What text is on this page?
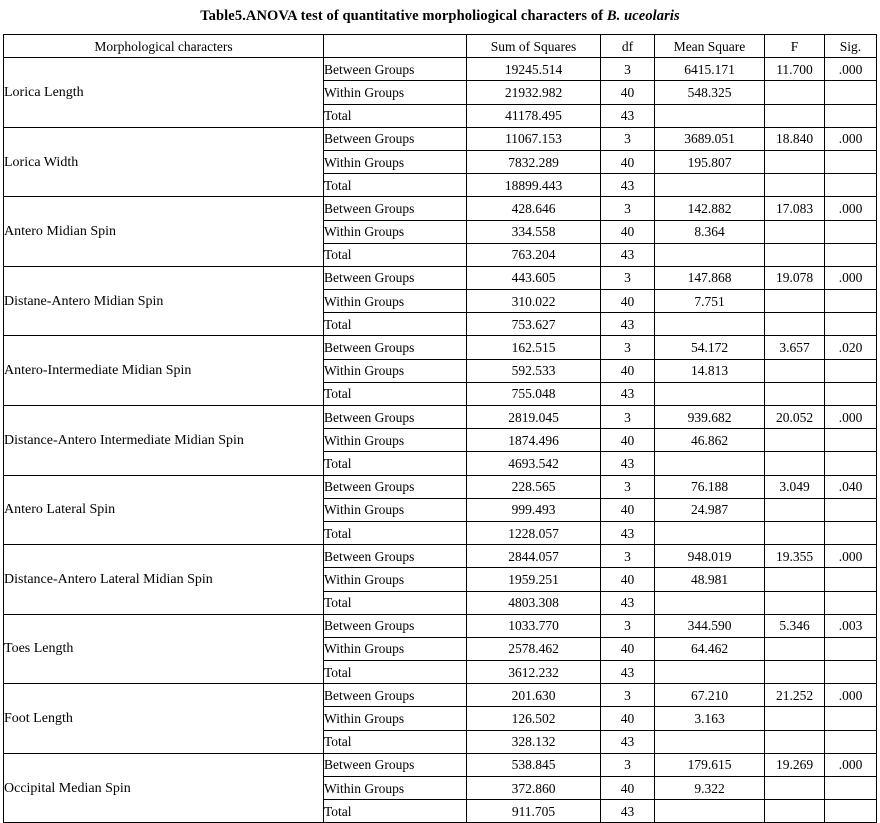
Table5.ANOVA test of quantitative morpholiogical characters of B. uceolaris
Morphological characters		Sum of Squares	df	Mean Square	F	Sig.
Lorica Length	Between Groups	19245.514	3	6415.171	11.700	.000
	Within Groups	21932.982	40	548.325		
	Total	41178.495	43			
Lorica Width	Between Groups	11067.153	3	3689.051	18.840	.000
	Within Groups	7832.289	40	195.807		
	Total	18899.443	43			
Antero Midian Spin	Between Groups	428.646	3	142.882	17.083	.000
	Within Groups	334.558	40	8.364		
	Total	763.204	43			
Distane-Antero Midian Spin	Between Groups	443.605	3	147.868	19.078	.000
	Within Groups	310.022	40	7.751		
	Total	753.627	43			
Antero-Intermediate Midian Spin	Between Groups	162.515	3	54.172	3.657	.020
	Within Groups	592.533	40	14.813		
	Total	755.048	43			
Distance-Antero Intermediate Midian Spin	Between Groups	2819.045	3	939.682	20.052	.000
	Within Groups	1874.496	40	46.862		
	Total	4693.542	43			
Antero Lateral Spin	Between Groups	228.565	3	76.188	3.049	.040
	Within Groups	999.493	40	24.987		
	Total	1228.057	43			
Distance-Antero Lateral Midian Spin	Between Groups	2844.057	3	948.019	19.355	.000
	Within Groups	1959.251	40	48.981		
	Total	4803.308	43			
Toes Length	Between Groups	1033.770	3	344.590	5.346	.003
	Within Groups	2578.462	40	64.462		
	Total	3612.232	43			
Foot Length	Between Groups	201.630	3	67.210	21.252	.000
	Within Groups	126.502	40	3.163		
	Total	328.132	43			
Occipital Median Spin	Between Groups	538.845	3	179.615	19.269	.000
	Within Groups	372.860	40	9.322		
	Total	911.705	43			
